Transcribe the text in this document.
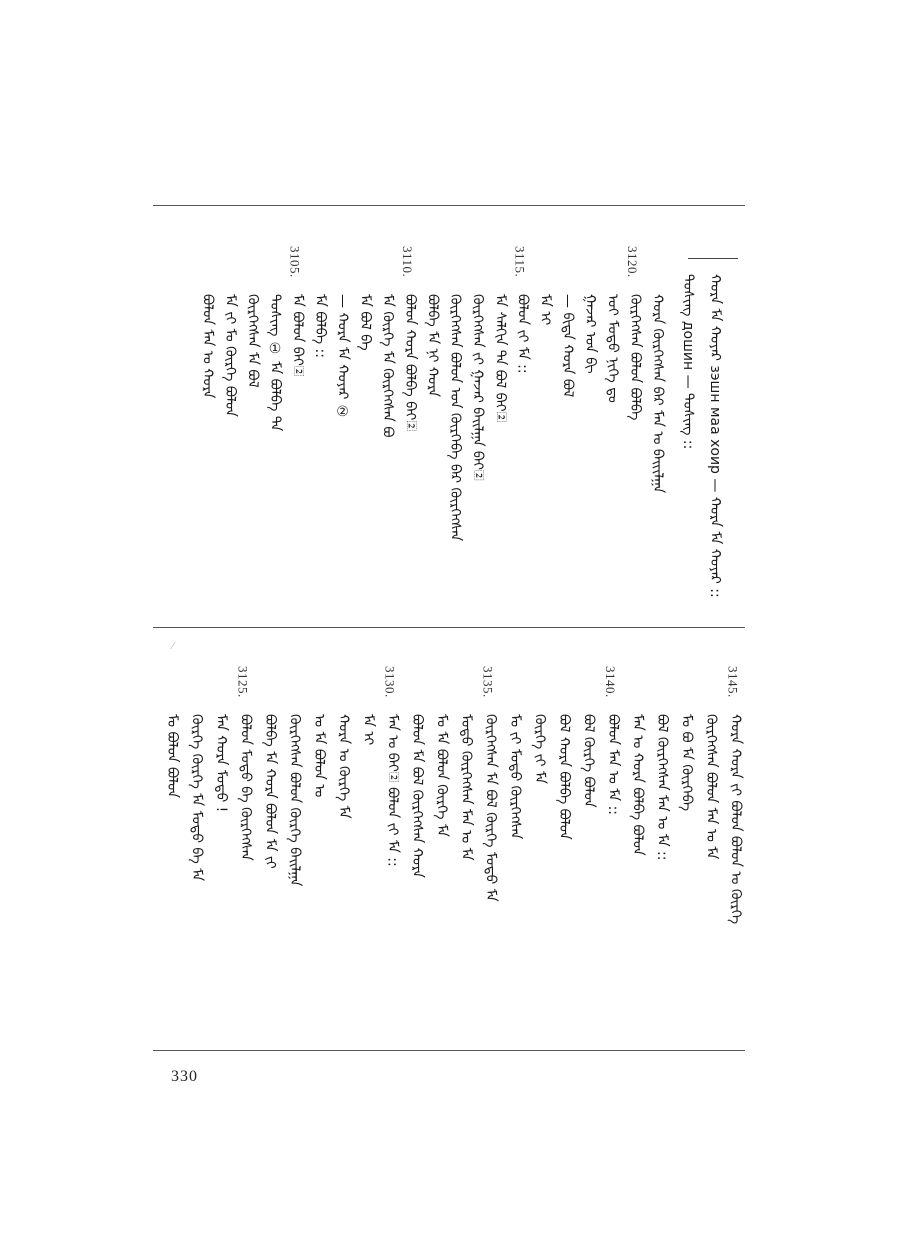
ᠬᠤᠷᠠ ᠮᠠ ᠬᠣᠶᠠᠷ зэшн маа хоир — ᠬᠤᠷᠠ ᠮᠠ ᠬᠣᠶᠠᠷ ::
ᠳᠣᠰᠢᠩ дошин — ᠳᠣᠰᠢᠩ ::
ᠬᠤᠷᠠ ᠬᠦᠷᠬᠡᠭᠰᠡᠨ ᠪᠡᠷ ᠮᠠᠨ ᠤ ᠪᠠᠢᠢᠯᠭᠠ
3120.
ᠬᠦᠷᠬᠡᠭᠰᠡᠨ ᠪᠣᠯᠣᠨ ᠪᠣᠯᠪᠠ
ᠣᠢ ᠮᠣᠳᠣ ᠨᠢᠭᠡ ᠳᠤ
ᠭᠠᠵᠠᠷ ᠤᠨ ᠪᠢ
— ᠪᠢᠳᠡ ᠬᠤᠷᠠ ᠪᠣᠯ
ᠮᠠ ᠢ
3115.
ᠪᠣᠯᠣᠨ ᠵᠢ ᠮᠠ ::
ᠮᠠ ᠰᠠᠯᠬᠢᠨ ᠲᠠ ᠪᠣᠯ ᠪᠠᠢ᠌
ᠬᠦᠷᠬᠡᠭᠰᠡᠨ ᠵᠢ ᠭᠠᠵᠠᠷ ᠪᠠᠢᠯᠭᠠ ᠪᠠᠢ᠌
ᠬᠦᠷᠬᠡᠭᠰᠡᠨ ᠪᠣᠯᠣᠨ ᠤᠨ ᠬᠦᠷᠬᠡᠪᠡ ᠪᠡᠷ ᠬᠦᠷᠬᠡᠭᠰᠡᠨ
ᠪᠣᠯᠪᠠ ᠮᠠ ᠨᠢ ᠬᠤᠷᠠ
3110.
ᠪᠣᠯᠣᠨ ᠬᠤᠷᠠ ᠪᠣᠯᠪᠠ ᠪᠠᠢ᠌
ᠮᠠ ᠬᠦᠷᠬᠡ ᠮᠠ ᠬᠦᠷᠬᠡᠭᠰᠡᠨ ᠪᠣ
ᠮᠠ ᠪᠣᠯ ᠪᠠ
— ᠬᠤᠷᠠ ᠮᠠ ᠬᠣᠶᠠᠷ ②
ᠮᠠ ᠪᠣᠯᠪᠠ ::
3105.
ᠮᠠ ᠪᠣᠯᠣᠨ ᠪᠠᠢ᠌
ᠳᠣᠰᠢᠩ ① ᠮᠠ ᠪᠣᠯᠪᠠ ᠲᠠ
ᠬᠦᠷᠬᠡᠭᠰᠡᠨ ᠮᠠ ᠪᠣᠯ
ᠮᠠ ᠵᠢ ᠮᠣ ᠬᠦᠷᠬᠡ ᠪᠣᠯᠣᠨ
ᠪᠣᠯᠣᠨ ᠮᠠᠨ ᠤ ᠬᠤᠷᠠ
3145.
ᠬᠤᠷᠠ ᠬᠤᠷᠠ ᠵᠢ ᠪᠣᠯᠣᠨ ᠪᠣᠯᠣᠨ ᠣ ᠬᠦᠷᠬᠡ
ᠬᠦᠷᠬᠡᠭᠰᠡᠨ ᠪᠣᠯᠣᠨ ᠮᠠᠨ ᠤ ᠮᠠ
ᠮᠣ ᠪᠣ ᠮᠠ ᠬᠦᠷᠬᠡᠪᠡ
ᠪᠣᠯ ᠬᠦᠷᠬᠡᠭᠰᠡᠨ ᠮᠠᠨ ᠤ ᠮᠠ ::
ᠮᠠᠨ ᠤ ᠬᠤᠷᠠ ᠪᠣᠯᠪᠠ ᠪᠣᠯᠣᠨ
3140.
ᠪᠣᠯᠣᠨ ᠮᠠᠨ ᠤ ᠮᠠ ::
ᠪᠣᠯ ᠬᠦᠷᠬᠡ ᠪᠣᠯᠣᠨ
ᠪᠣᠯ ᠬᠤᠷᠠ ᠪᠣᠯᠪᠠ ᠪᠣᠯᠣᠨ
ᠬᠦᠷᠬᠡ ᠵᠢ ᠮᠠ
ᠮᠣ ᠵᠢ ᠮᠣᠳᠣ ᠬᠦᠷᠬᠡᠭᠰᠡᠨ
3135.
ᠬᠦᠷᠬᠡᠭᠰᠡᠨ ᠮᠠ ᠪᠣᠯ ᠬᠦᠷᠬᠡ ᠮᠣᠳᠣ ᠮᠠ
ᠮᠣᠳᠣ ᠬᠦᠷᠬᠡᠭᠰᠡᠨ ᠮᠠᠨ ᠤ ᠮᠠ
ᠮᠣ ᠮᠠ ᠪᠣᠯᠣᠨ ᠬᠦᠷᠬᠡ ᠮᠠ
ᠪᠣᠯᠣᠨ ᠮᠠ ᠪᠣᠯ ᠬᠦᠷᠬᠡᠭᠰᠡᠨ ᠬᠤᠷᠠ
3130.
ᠮᠠᠨ ᠤ ᠪᠠᠢ᠌ ᠪᠣᠯᠣᠨ ᠵᠢ ᠮᠠ ::
ᠮᠠ ᠢ
ᠬᠤᠷᠠ ᠣ ᠬᠦᠷᠬᠡ ᠮᠠ
ᠤ ᠮᠠ ᠪᠣᠯᠣᠨ ᠤ
ᠬᠦᠷᠬᠡᠭᠰᠡᠨ ᠪᠣᠯᠣᠨ ᠬᠦᠷᠬᠡ ᠪᠠᠢᠯᠭᠠ
ᠪᠣᠯᠪᠠ ᠮᠠ ᠬᠤᠷᠠ ᠪᠣᠯᠣᠨ ᠮᠠ ᠵᠢ
3125.
ᠪᠣᠯᠣᠨ ᠮᠣᠳᠣ ᠪᠠ ᠬᠦᠷᠬᠡᠭᠰᠡᠨ
ᠮᠠᠨ ᠬᠤᠷᠠ ᠮᠣᠳᠣ !
ᠬᠦᠷᠬᠡ ᠬᠦᠷᠬᠡ ᠮᠠ ᠮᠣᠳᠣ ᠪᠠ ᠮᠠ
ᠮᠣ ᠪᠣᠯᠣᠨ ᠪᠣᠯᠣᠨ
⁄
330
